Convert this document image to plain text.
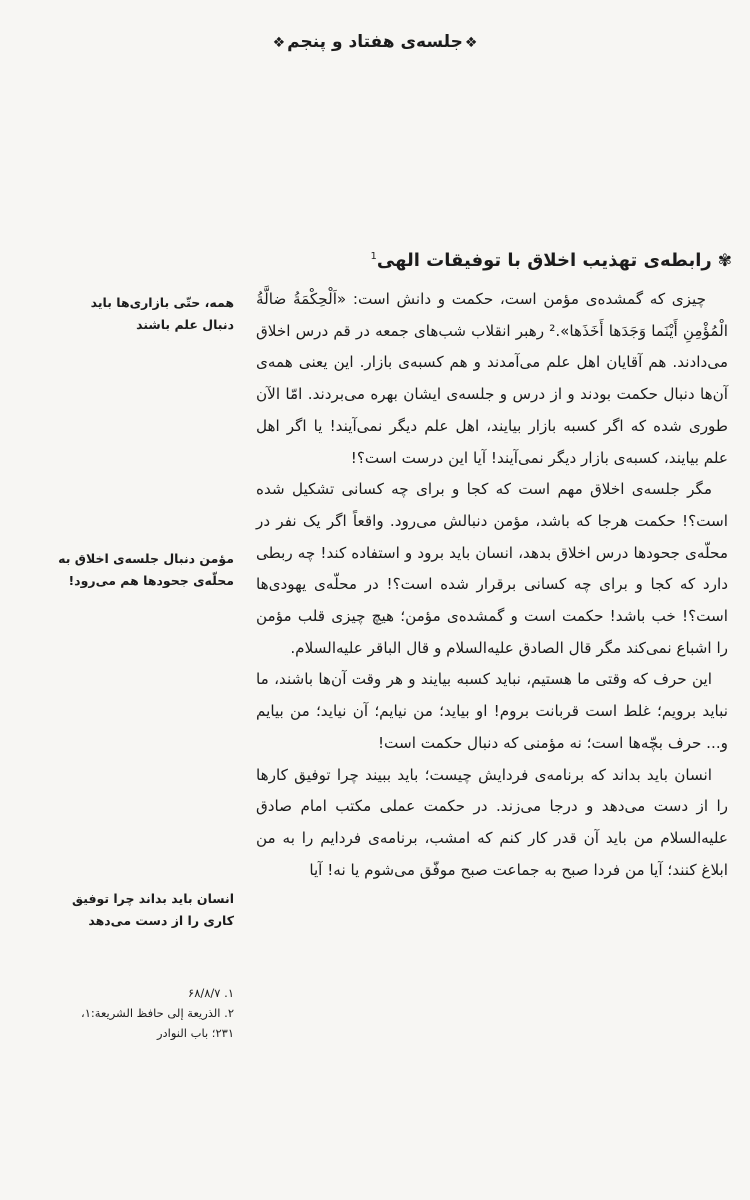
❖جلسه‌ی هفتاد و پنجم❖
✾رابطه‌ی تهذیب اخلاق با توفیقات الهی$^1$

چیزی که گمشده‌ی مؤمن است، حکمت و دانش است: «اَلْحِکْمَةُ ضالَّةُ الْمُؤْمِنِ أَیْنَما وَجَدَها أَخَذَها».² رهبر انقلاب شب‌های جمعه در قم درس اخلاق می‌دادند. هم آقایان اهل علم می‌آمدند و هم کسبه‌ی بازار. این یعنی همه‌ی آن‌ها دنبال حکمت بودند و از درس و جلسه‌ی ایشان بهره می‌بردند. امّا الآن طوری شده که اگر کسبه بازار بیایند، اهل علم دیگر نمی‌آیند! یا اگر اهل علم بیایند، کسبه‌ی بازار دیگر نمی‌آیند! آیا این درست است؟!

مگر جلسه‌ی اخلاق مهم است که کجا و برای چه کسانی تشکیل شده است؟! حکمت هرجا که باشد، مؤمن دنبالش می‌رود. واقعاً اگر یک نفر در محلّه‌ی جحودها درس اخلاق بدهد، انسان باید برود و استفاده کند! چه ربطی دارد که کجا و برای چه کسانی برقرار شده است؟! در محلّه‌ی یهودی‌ها است؟! خب باشد! حکمت است و گمشده‌ی مؤمن؛ هیچ چیزی قلب مؤمن را اشباع نمی‌کند مگر قال الصادق علیه‌السلام و قال الباقر علیه‌السلام.

این حرف که وقتی ما هستیم، نباید کسبه بیایند و هر وقت آن‌ها باشند، ما نباید برویم؛ غلط است قربانت بروم! او بیاید؛ من نیایم؛ آن نیاید؛ من بیایم و... حرف بچّه‌ها است؛ نه مؤمنی که دنبال حکمت است!

انسان باید بداند که برنامه‌ی فردایش چیست؛ باید ببیند چرا توفیق کارها را از دست می‌دهد و درجا می‌زند. در حکمت عملی مکتب امام صادق علیه‌السلام من باید آن قدر کار کنم که امشب، برنامه‌ی فردایم را به من ابلاغ کنند؛ آیا من فردا صبح به جماعت صبح موفّق می‌شوم یا نه! آیا

همه، حتّی بازاری‌ها باید دنبال علم باشند
مؤمن دنبال جلسه‌ی اخلاق به محلّه‌ی جحودها هم می‌رود!
انسان باید بداند چرا توفیق کاری را از دست می‌دهد
۱. ۶۸/۸/۷
۲. الذریعة إلی حافظ الشریعة:۱، ۲۳۱؛ باب النوادر
